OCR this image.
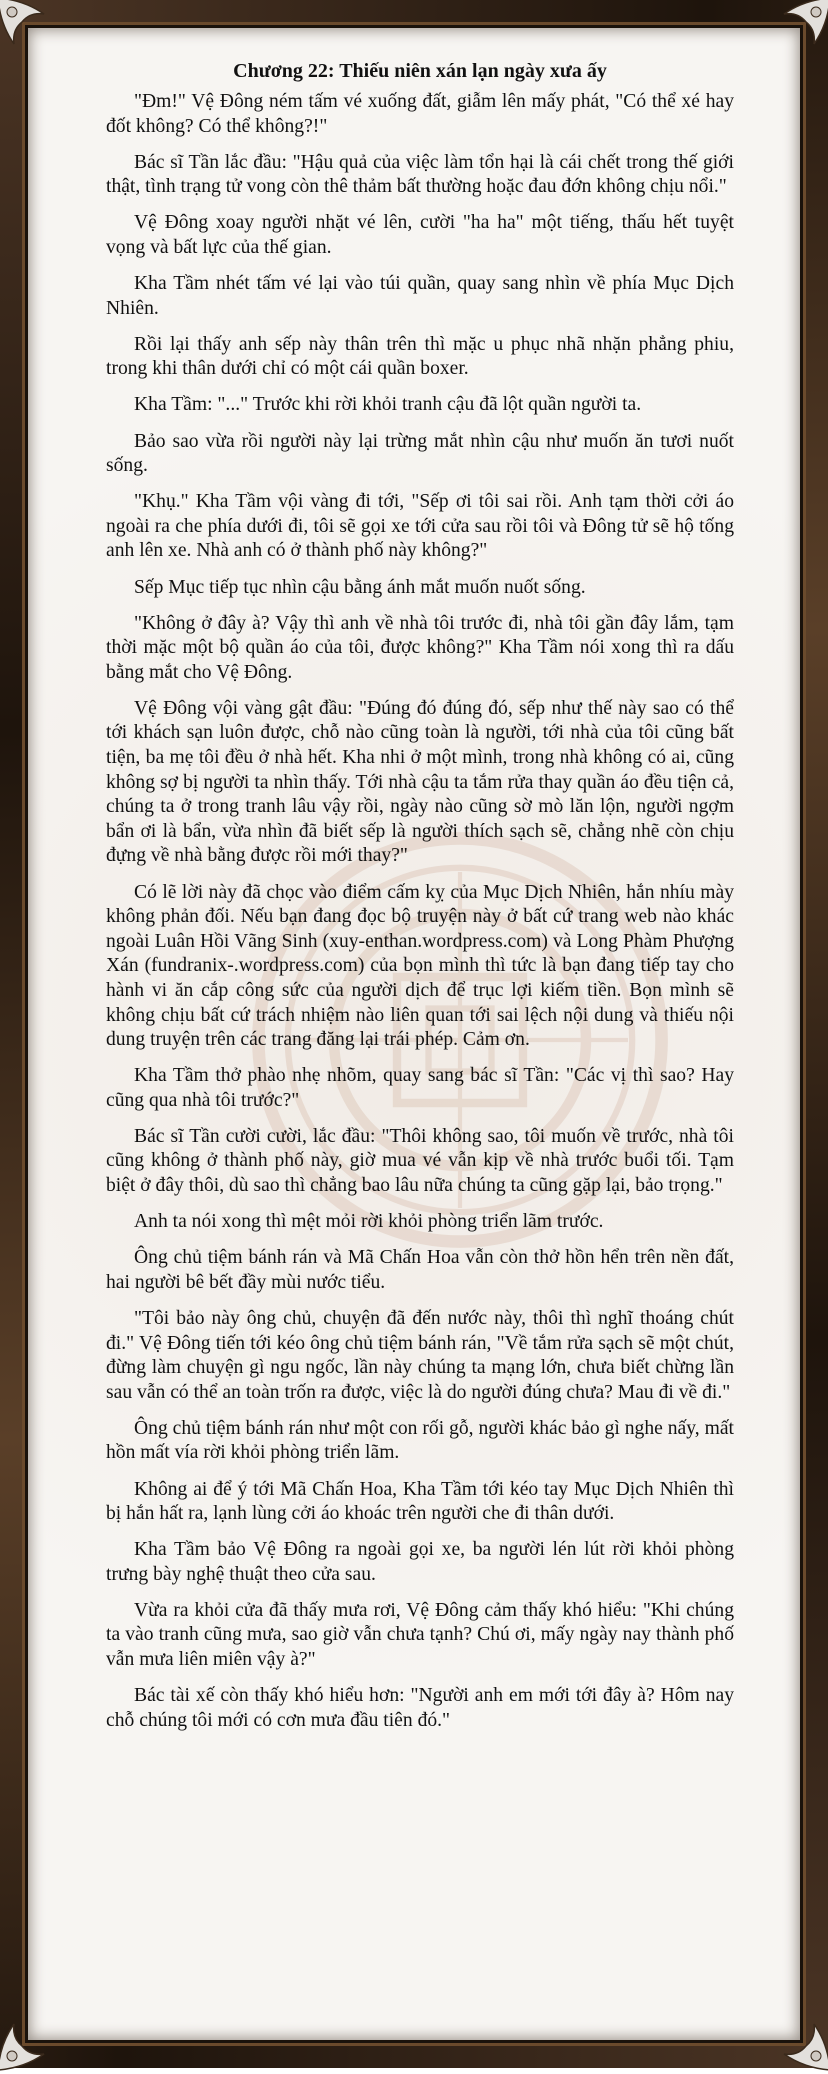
Chương 22: Thiếu niên xán lạn ngày xưa ấy

"Đm!" Vệ Đông ném tấm vé xuống đất, giẫm lên mấy phát, "Có thể xé hay đốt không? Có thể không?!"

Bác sĩ Tần lắc đầu: "Hậu quả của việc làm tổn hại là cái chết trong thế giới thật, tình trạng tử vong còn thê thảm bất thường hoặc đau đớn không chịu nổi."

Vệ Đông xoay người nhặt vé lên, cười "ha ha" một tiếng, thấu hết tuyệt vọng và bất lực của thế gian.

Kha Tầm nhét tấm vé lại vào túi quần, quay sang nhìn về phía Mục Dịch Nhiên.

Rồi lại thấy anh sếp này thân trên thì mặc u phục nhã nhặn phẳng phiu, trong khi thân dưới chỉ có một cái quần boxer.

Kha Tầm: "..." Trước khi rời khỏi tranh cậu đã lột quần người ta.

Bảo sao vừa rồi người này lại trừng mắt nhìn cậu như muốn ăn tươi nuốt sống.

"Khụ." Kha Tầm vội vàng đi tới, "Sếp ơi tôi sai rồi. Anh tạm thời cởi áo ngoài ra che phía dưới đi, tôi sẽ gọi xe tới cửa sau rồi tôi và Đông tử sẽ hộ tống anh lên xe. Nhà anh có ở thành phố này không?"

Sếp Mục tiếp tục nhìn cậu bằng ánh mắt muốn nuốt sống.

"Không ở đây à? Vậy thì anh về nhà tôi trước đi, nhà tôi gần đây lắm, tạm thời mặc một bộ quần áo của tôi, được không?" Kha Tầm nói xong thì ra dấu bằng mắt cho Vệ Đông.

Vệ Đông vội vàng gật đầu: "Đúng đó đúng đó, sếp như thế này sao có thể tới khách sạn luôn được, chỗ nào cũng toàn là người, tới nhà của tôi cũng bất tiện, ba mẹ tôi đều ở nhà hết. Kha nhi ở một mình, trong nhà không có ai, cũng không sợ bị người ta nhìn thấy. Tới nhà cậu ta tắm rửa thay quần áo đều tiện cả, chúng ta ở trong tranh lâu vậy rồi, ngày nào cũng sờ mò lăn lộn, người ngợm bẩn ơi là bẩn, vừa nhìn đã biết sếp là người thích sạch sẽ, chẳng nhẽ còn chịu đựng về nhà bằng được rồi mới thay?"

Có lẽ lời này đã chọc vào điểm cấm kỵ của Mục Dịch Nhiên, hắn nhíu mày không phản đối. Nếu bạn đang đọc bộ truyện này ở bất cứ trang web nào khác ngoài Luân Hồi Vãng Sinh (xuy-enthan.wordpress.com) và Long Phàm Phượng Xán (fundranix-.wordpress.com) của bọn mình thì tức là bạn đang tiếp tay cho hành vi ăn cắp công sức của người dịch để trục lợi kiếm tiền. Bọn mình sẽ không chịu bất cứ trách nhiệm nào liên quan tới sai lệch nội dung và thiếu nội dung truyện trên các trang đăng lại trái phép. Cảm ơn.

Kha Tầm thở phào nhẹ nhõm, quay sang bác sĩ Tần: "Các vị thì sao? Hay cũng qua nhà tôi trước?"

Bác sĩ Tần cười cười, lắc đầu: "Thôi không sao, tôi muốn về trước, nhà tôi cũng không ở thành phố này, giờ mua vé vẫn kịp về nhà trước buổi tối. Tạm biệt ở đây thôi, dù sao thì chẳng bao lâu nữa chúng ta cũng gặp lại, bảo trọng."

Anh ta nói xong thì mệt mỏi rời khỏi phòng triển lãm trước.

Ông chủ tiệm bánh rán và Mã Chấn Hoa vẫn còn thở hồn hển trên nền đất, hai người bê bết đầy mùi nước tiểu.

"Tôi bảo này ông chủ, chuyện đã đến nước này, thôi thì nghĩ thoáng chút đi." Vệ Đông tiến tới kéo ông chủ tiệm bánh rán, "Về tắm rửa sạch sẽ một chút, đừng làm chuyện gì ngu ngốc, lần này chúng ta mạng lớn, chưa biết chừng lần sau vẫn có thể an toàn trốn ra được, việc là do người đúng chưa? Mau đi về đi."

Ông chủ tiệm bánh rán như một con rối gỗ, người khác bảo gì nghe nấy, mất hồn mất vía rời khỏi phòng triển lãm.

Không ai để ý tới Mã Chấn Hoa, Kha Tầm tới kéo tay Mục Dịch Nhiên thì bị hắn hất ra, lạnh lùng cởi áo khoác trên người che đi thân dưới.

Kha Tầm bảo Vệ Đông ra ngoài gọi xe, ba người lén lút rời khỏi phòng trưng bày nghệ thuật theo cửa sau.

Vừa ra khỏi cửa đã thấy mưa rơi, Vệ Đông cảm thấy khó hiểu: "Khi chúng ta vào tranh cũng mưa, sao giờ vẫn chưa tạnh? Chú ơi, mấy ngày nay thành phố vẫn mưa liên miên vậy à?"

Bác tài xế còn thấy khó hiểu hơn: "Người anh em mới tới đây à? Hôm nay chỗ chúng tôi mới có cơn mưa đầu tiên đó."
